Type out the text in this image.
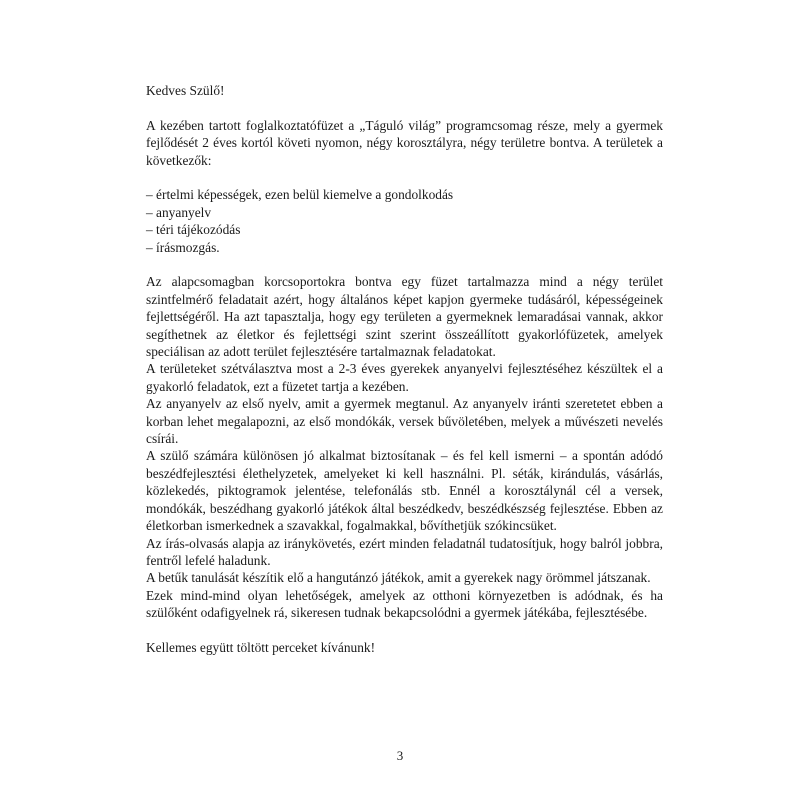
Kedves Szülő!

A kezében tartott foglalkoztatófüzet a „Táguló világ” programcsomag része, mely a gyermek fejlődését 2 éves kortól követi nyomon, négy korosztályra, négy területre bontva. A területek a következők:

– értelmi képességek, ezen belül kiemelve a gondolkodás
– anyanyelv
– téri tájékozódás
– írásmozgás.

Az alapcsomagban korcsoportokra bontva egy füzet tartalmazza mind a négy terület szintfelmérő feladatait azért, hogy általános képet kapjon gyermeke tudásáról, képességeinek fejlettségéről. Ha azt tapasztalja, hogy egy területen a gyermeknek lemaradásai vannak, akkor segíthetnek az életkor és fejlettségi szint szerint összeállított gyakorlófüzetek, amelyek speciálisan az adott terület fejlesztésére tartalmaznak feladatokat.

A területeket szétválasztva most a 2-3 éves gyerekek anyanyelvi fejlesztéséhez készültek el a gyakorló feladatok, ezt a füzetet tartja a kezében.

Az anyanyelv az első nyelv, amit a gyermek megtanul. Az anyanyelv iránti szeretetet ebben a korban lehet megalapozni, az első mondókák, versek bűvöletében, melyek a művészeti nevelés csírái.

A szülő számára különösen jó alkalmat biztosítanak – és fel kell ismerni – a spontán adódó beszédfejlesztési élethelyzetek, amelyeket ki kell használni. Pl. séták, kirándulás, vásárlás, közlekedés, piktogramok jelentése, telefonálás stb. Ennél a korosztálynál cél a versek, mondókák, beszédhang gyakorló játékok által beszédkedv, beszédkészség fejlesztése. Ebben az életkorban ismerkednek a szavakkal, fogalmakkal, bővíthetjük szókincsüket.

Az írás-olvasás alapja az iránykövetés, ezért minden feladatnál tudatosítjuk, hogy balról jobbra, fentről lefelé haladunk.

A betűk tanulását készítik elő a hangutánzó játékok, amit a gyerekek nagy örömmel játszanak.

Ezek mind-mind olyan lehetőségek, amelyek az otthoni környezetben is adódnak, és ha szülőként odafigyelnek rá, sikeresen tudnak bekapcsolódni a gyermek játékába, fejlesztésébe.

Kellemes együtt töltött perceket kívánunk!

3
